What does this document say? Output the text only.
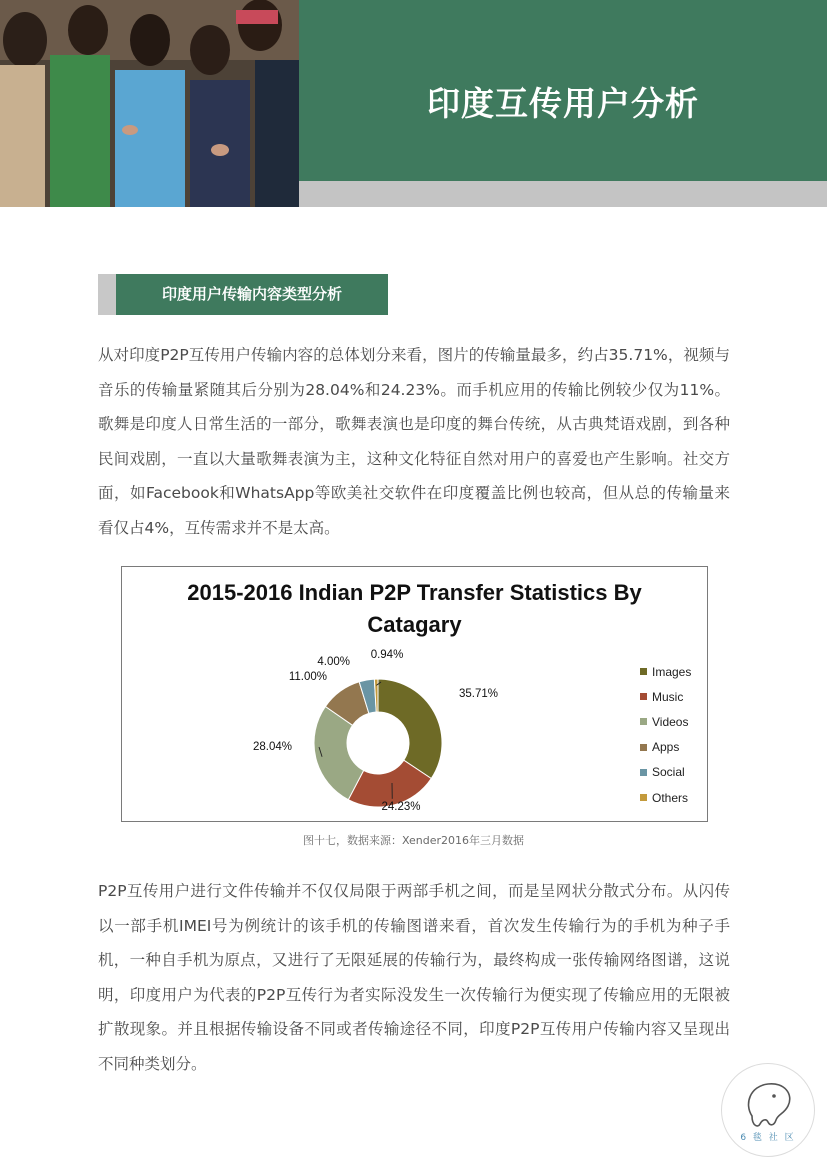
印度互传用户分析
印度用户传输内容类型分析

从对印度P2P互传用户传输内容的总体划分来看，图片的传输量最多，约占35.71%，视频与音乐的传输量紧随其后分别为28.04%和24.23%。而手机应用的传输比例较少仅为11%。歌舞是印度人日常生活的一部分，歌舞表演也是印度的舞台传统，从古典梵语戏剧，到各种民间戏剧，一直以大量歌舞表演为主，这种文化特征自然对用户的喜爱也产生影响。社交方面，如Facebook和WhatsApp等欧美社交软件在印度覆盖比例也较高，但从总的传输量来看仅占4%，互传需求并不是太高。

2015-2016 Indian P2P Transfer Statistics By
Catagary
35.71%
24.23%
28.04%
11.00%
4.00%
0.94%
Images
Music
Videos
Apps
Social
Others
图十七，数据来源：Xender2016年三月数据

P2P互传用户进行文件传输并不仅仅局限于两部手机之间，而是呈网状分散式分布。从闪传以一部手机IMEI号为例统计的该手机的传输图谱来看，首次发生传输行为的手机为种子手机，一种自手机为原点，又进行了无限延展的传输行为，最终构成一张传输网络图谱，这说明，印度用户为代表的P2P互传行为者实际没发生一次传输行为便实现了传输应用的无限被扩散现象。并且根据传输设备不同或者传输途径不同，印度P2P互传用户传输内容又呈现出不同种类划分。

6 毯 社 区
